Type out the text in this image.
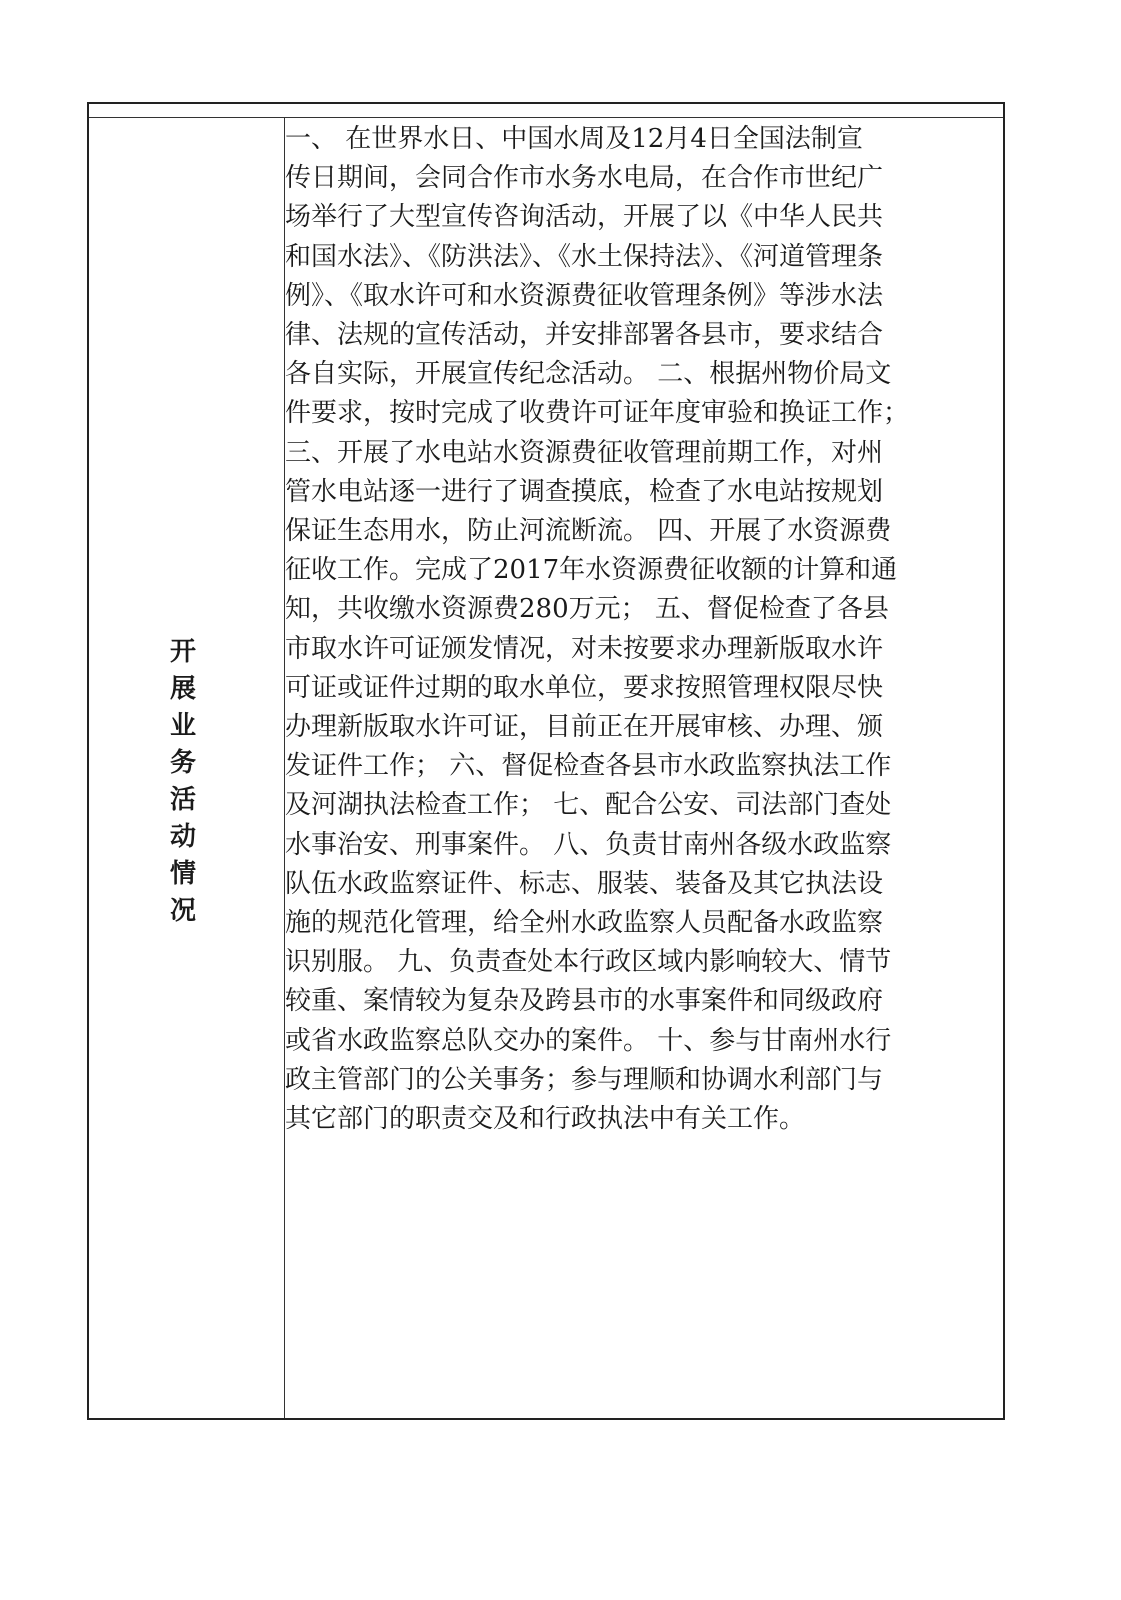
开展业务活动情况

一、 在世界水日、中国水周及12月4日全国法制宣
传日期间，会同合作市水务水电局，在合作市世纪广
场举行了大型宣传咨询活动，开展了以《中华人民共
和国水法》、《防洪法》、《水土保持法》、《河道管理条
例》、《取水许可和水资源费征收管理条例》等涉水法
律、法规的宣传活动，并安排部署各县市，要求结合
各自实际，开展宣传纪念活动。 二、根据州物价局文
件要求，按时完成了收费许可证年度审验和换证工作；
三、开展了水电站水资源费征收管理前期工作，对州
管水电站逐一进行了调查摸底，检查了水电站按规划
保证生态用水，防止河流断流。 四、开展了水资源费
征收工作。完成了2017年水资源费征收额的计算和通
知，共收缴水资源费280万元； 五、督促检查了各县
市取水许可证颁发情况，对未按要求办理新版取水许
可证或证件过期的取水单位，要求按照管理权限尽快
办理新版取水许可证，目前正在开展审核、办理、颁
发证件工作； 六、督促检查各县市水政监察执法工作
及河湖执法检查工作； 七、配合公安、司法部门查处
水事治安、刑事案件。 八、负责甘南州各级水政监察
队伍水政监察证件、标志、服装、装备及其它执法设
施的规范化管理，给全州水政监察人员配备水政监察
识别服。 九、负责查处本行政区域内影响较大、情节
较重、案情较为复杂及跨县市的水事案件和同级政府
或省水政监察总队交办的案件。 十、参与甘南州水行
政主管部门的公关事务；参与理顺和协调水利部门与
其它部门的职责交及和行政执法中有关工作。
